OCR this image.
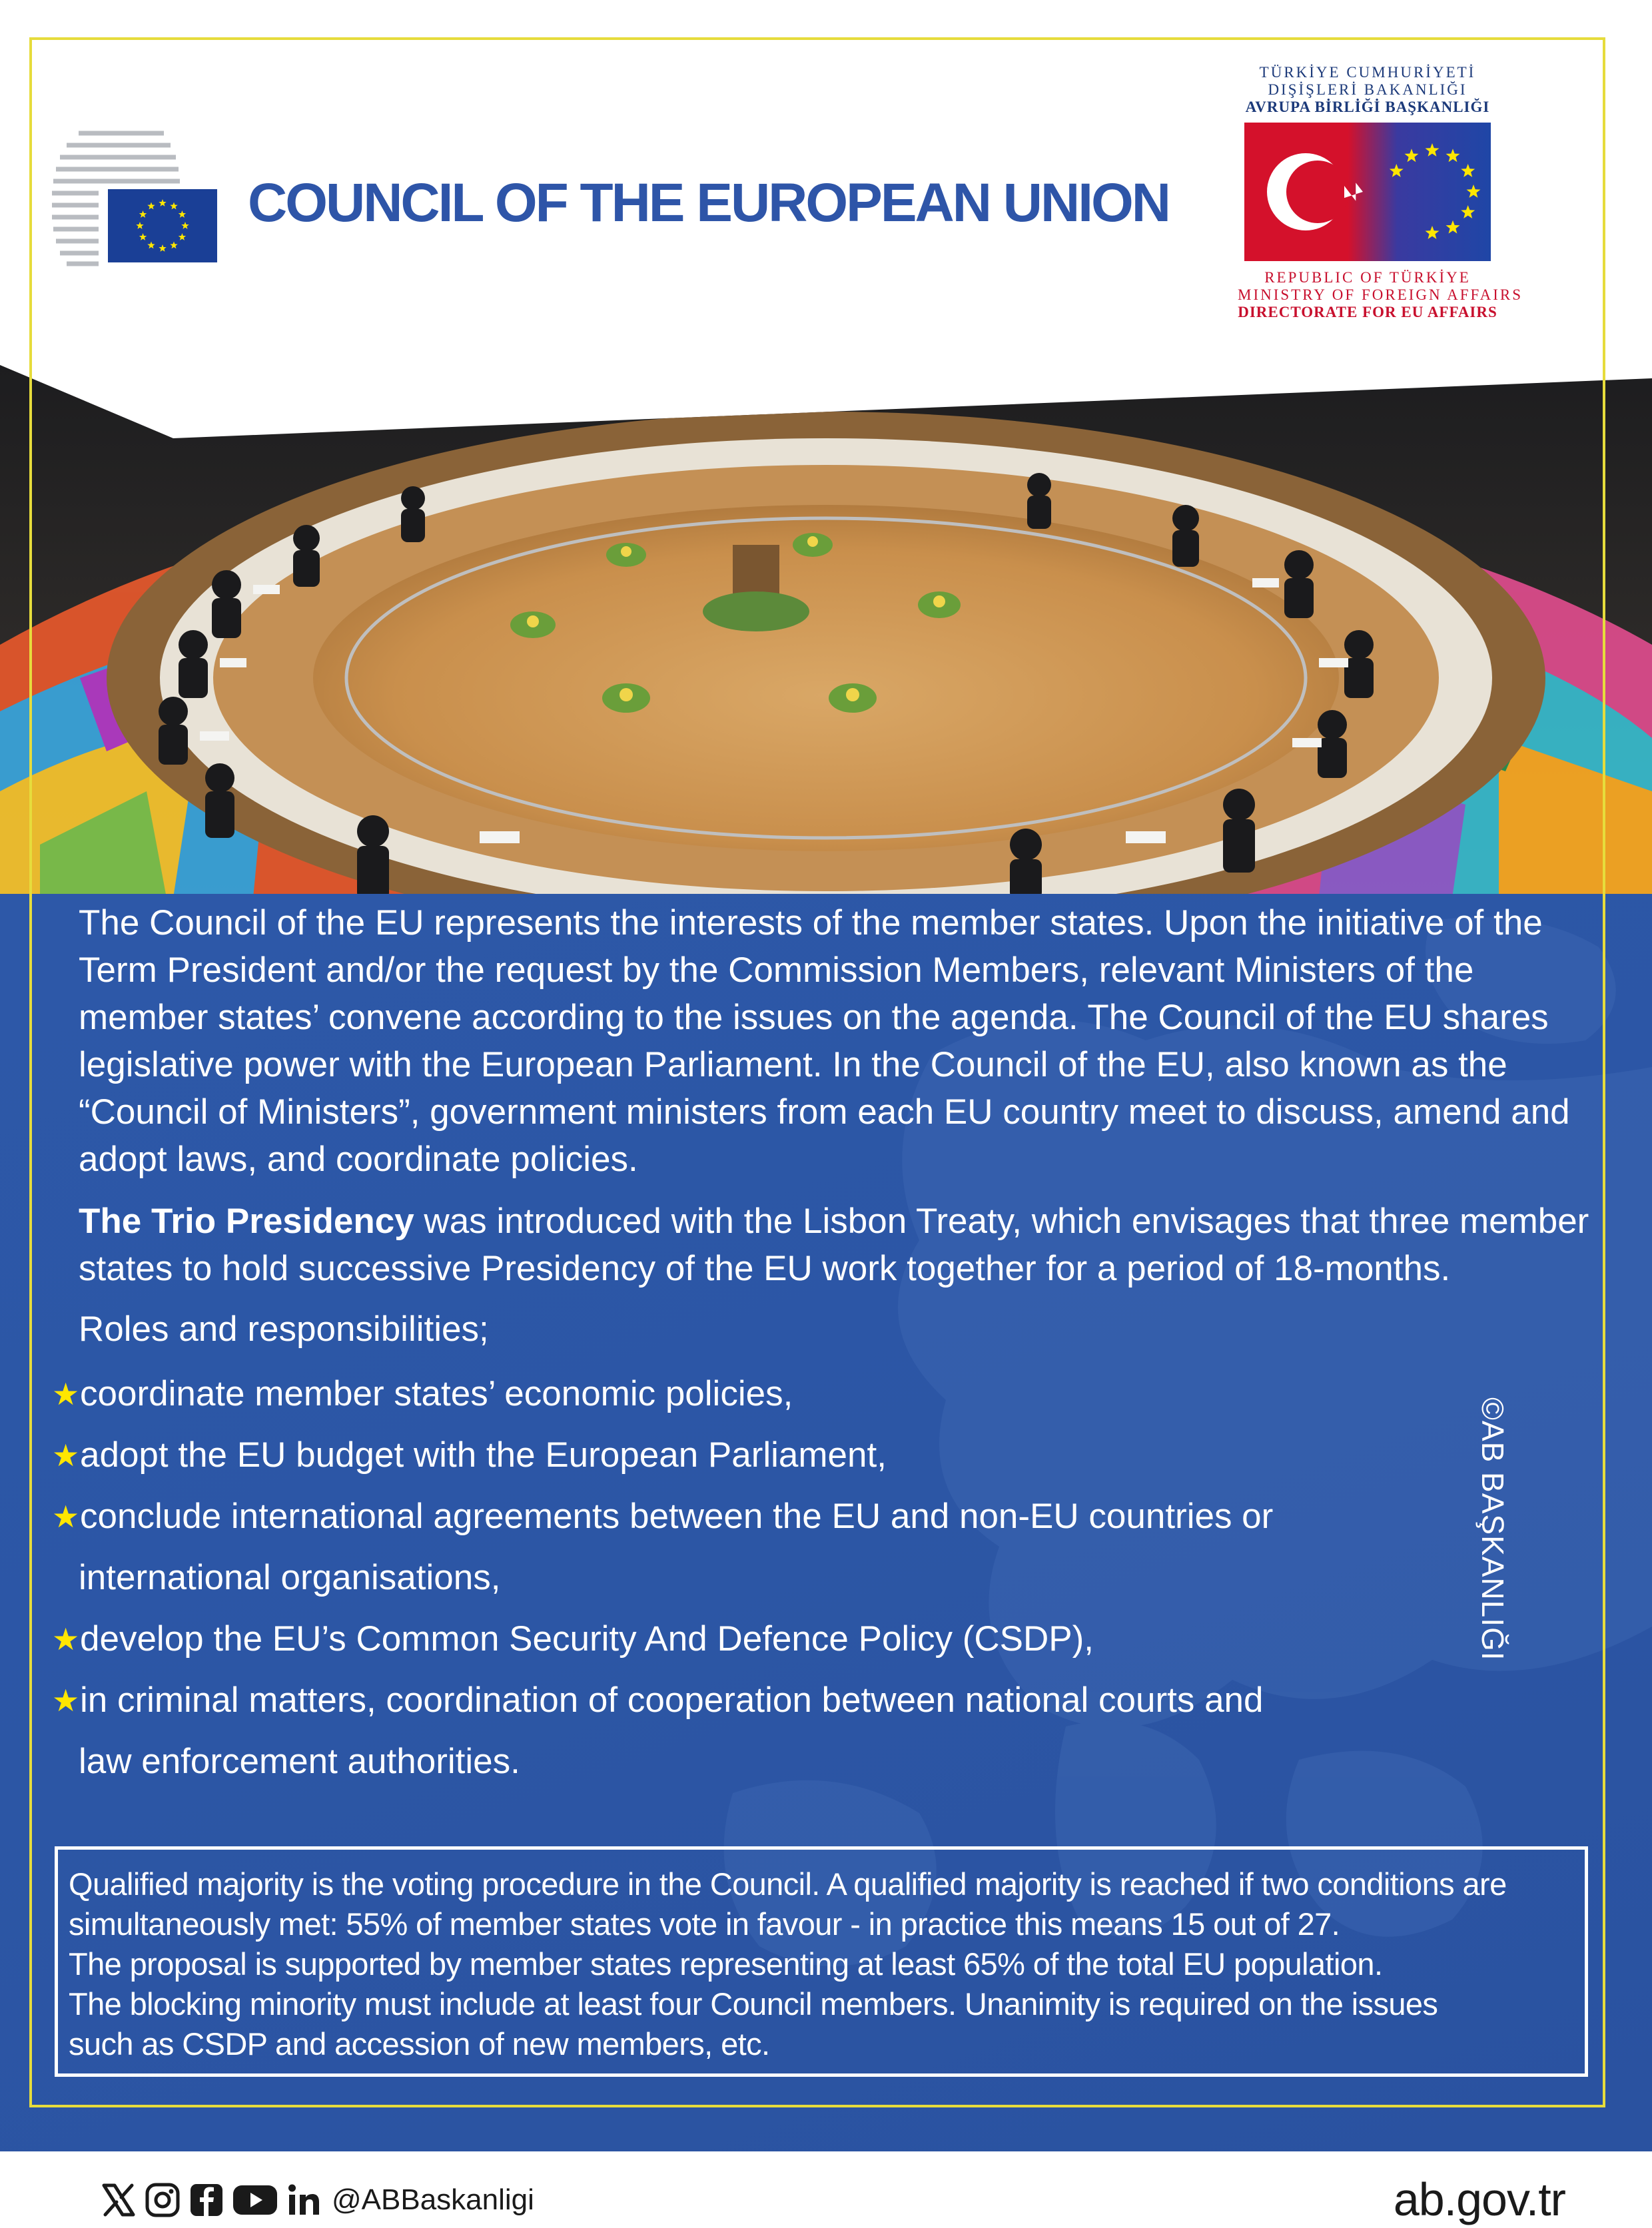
COUNCIL OF THE EUROPEAN UNION
TÜRKİYE CUMHURİYETİ
DIŞİŞLERİ BAKANLIĞI
AVRUPA BİRLİĞİ BAŞKANLIĞI
REPUBLIC OF TÜRKİYE
MINISTRY OF FOREIGN AFFAIRS
DIRECTORATE FOR EU AFFAIRS

The Council of the EU represents the interests of the member states. Upon the initiative of the Term President and/or the request by the Commission Members, relevant Ministers of the member states’ convene according to the issues on the agenda. The Council of the EU shares legislative power with the European Parliament. In the Council of the EU, also known as the “Council of Ministers”, government ministers from each EU country meet to discuss, amend and adopt laws, and coordinate policies.

The Trio Presidency was introduced with the Lisbon Treaty, which envisages that three member states to hold successive Presidency of the EU work together for a period of 18-months.

Roles and responsibilities;
★ coordinate member states’ economic policies,
★ adopt the EU budget with the European Parliament,
★ conclude international agreements between the EU and non-EU countries or
international organisations,
★ develop the EU’s Common Security And Defence Policy (CSDP),
★ in criminal matters, coordination of cooperation between national courts and
law enforcement authorities.
©AB BAŞKANLIĞI
Qualified majority is the voting procedure in the Council. A qualified majority is reached if two conditions are
simultaneously met: 55% of member states vote in favour - in practice this means 15 out of 27.
The proposal is supported by member states representing at least 65% of the total EU population.
The blocking minority must include at least four Council members. Unanimity is required on the issues
such as CSDP and accession of new members, etc.
@ABBaskanligi	ab.gov.tr
